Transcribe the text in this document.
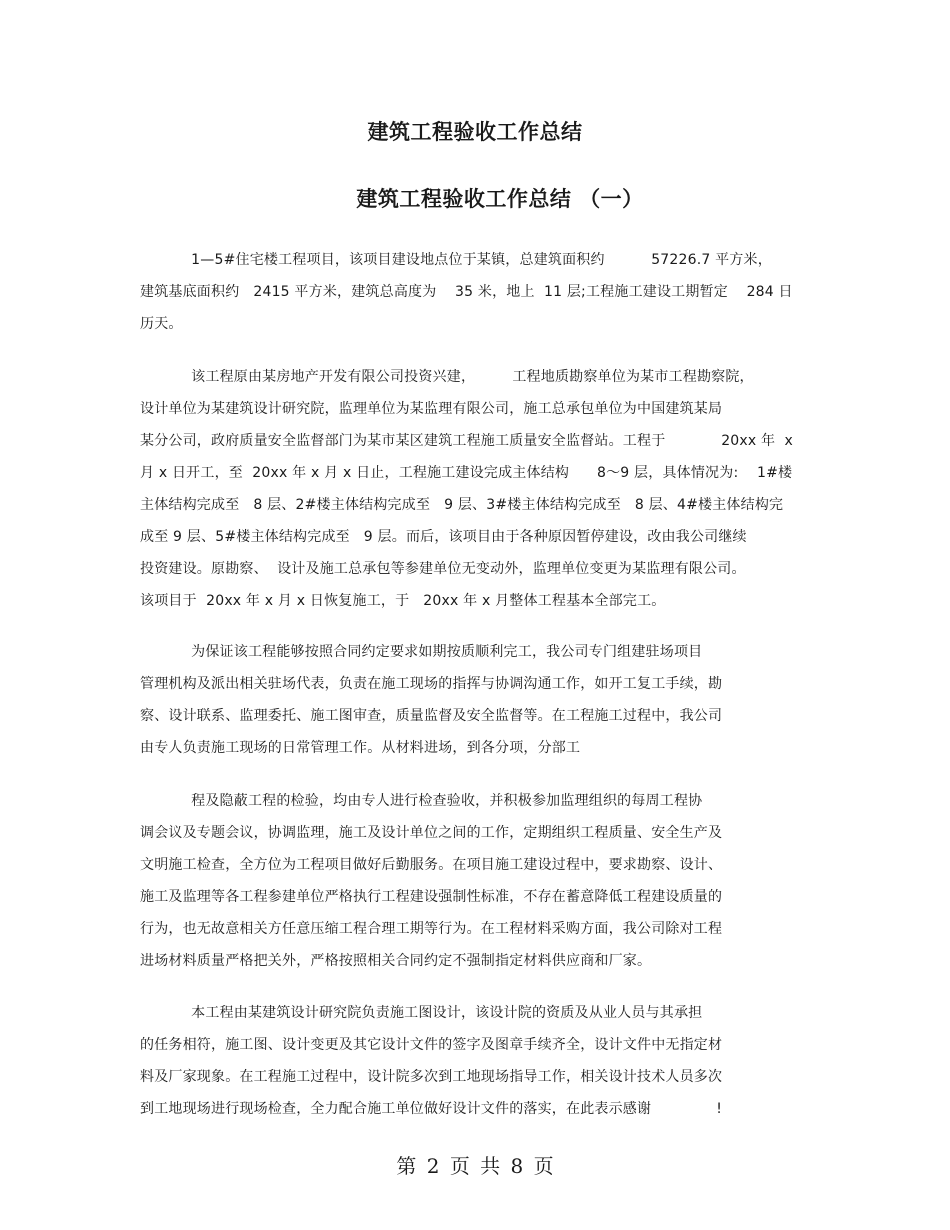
建筑工程验收工作总结
建筑工程验收工作总结 （一）
1—5#住宅楼工程项目，该项目建设地点位于某镇，总建筑面积约          57226.7 平方米，
建筑基底面积约   2415 平方米，建筑总高度为    35 米，地上  11 层;工程施工建设工期暂定    284 日
历天。
该工程原由某房地产开发有限公司投资兴建，        工程地质勘察单位为某市工程勘察院，
设计单位为某建筑设计研究院，监理单位为某监理有限公司，施工总承包单位为中国建筑某局
某分公司，政府质量安全监督部门为某市某区建筑工程施工质量安全监督站。工程于            20xx 年  x
月 x 日开工，至  20xx 年 x 月 x 日止，工程施工建设完成主体结构      8～9 层，具体情况为:    1#楼
主体结构完成至   8 层、2#楼主体结构完成至   9 层、3#楼主体结构完成至   8 层、4#楼主体结构完
成至 9 层、5#楼主体结构完成至   9 层。而后，该项目由于各种原因暂停建设，改由我公司继续
投资建设。原勘察、  设计及施工总承包等参建单位无变动外，监理单位变更为某监理有限公司。
该项目于  20xx 年 x 月 x 日恢复施工，于   20xx 年 x 月整体工程基本全部完工。
为保证该工程能够按照合同约定要求如期按质顺利完工，我公司专门组建驻场项目
管理机构及派出相关驻场代表，负责在施工现场的指挥与协调沟通工作，如开工复工手续，勘
察、设计联系、监理委托、施工图审查，质量监督及安全监督等。在工程施工过程中，我公司
由专人负责施工现场的日常管理工作。从材料进场，到各分项，分部工
程及隐蔽工程的检验，均由专人进行检查验收，并积极参加监理组织的每周工程协
调会议及专题会议，协调监理，施工及设计单位之间的工作，定期组织工程质量、安全生产及
文明施工检查，全方位为工程项目做好后勤服务。在项目施工建设过程中，要求勘察、设计、
施工及监理等各工程参建单位严格执行工程建设强制性标准，不存在蓄意降低工程建设质量的
行为，也无故意相关方任意压缩工程合理工期等行为。在工程材料采购方面，我公司除对工程
进场材料质量严格把关外，严格按照相关合同约定不强制指定材料供应商和厂家。
本工程由某建筑设计研究院负责施工图设计，该设计院的资质及从业人员与其承担
的任务相符，施工图、设计变更及其它设计文件的签字及图章手续齐全，设计文件中无指定材
料及厂家现象。在工程施工过程中，设计院多次到工地现场指导工作，相关设计技术人员多次
到工地现场进行现场检查，全力配合施工单位做好设计文件的落实，在此表示感谢              !
第 2 页 共 8 页
